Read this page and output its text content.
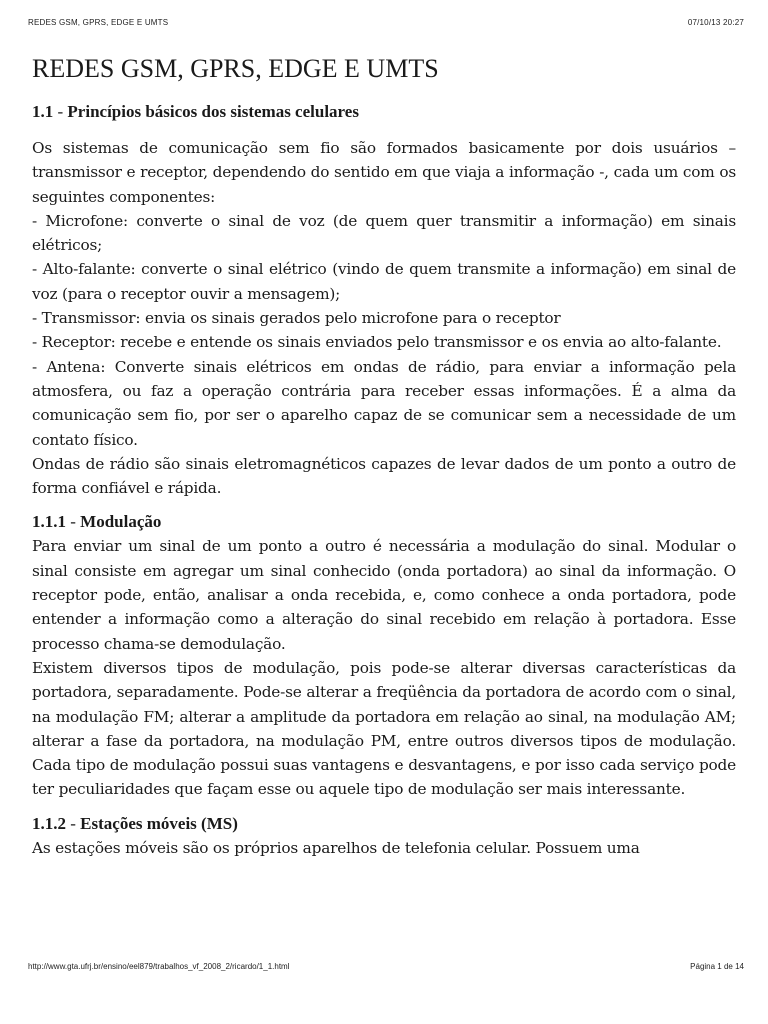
REDES GSM, GPRS, EDGE E UMTS	07/10/13 20:27
REDES GSM, GPRS, EDGE E UMTS
1.1 - Princípios básicos dos sistemas celulares

Os sistemas de comunicação sem fio são formados basicamente por dois usuários – transmissor e receptor, dependendo do sentido em que viaja a informação -, cada um com os seguintes componentes:

- Microfone: converte o sinal de voz (de quem quer transmitir a informação) em sinais elétricos;

- Alto-falante: converte o sinal elétrico (vindo de quem transmite a informação) em sinal de voz (para o receptor ouvir a mensagem);

- Transmissor: envia os sinais gerados pelo microfone para o receptor

- Receptor: recebe e entende os sinais enviados pelo transmissor e os envia ao alto-falante.

- Antena: Converte sinais elétricos em ondas de rádio, para enviar a informação pela atmosfera, ou faz a operação contrária para receber essas informações. É a alma da comunicação sem fio, por ser o aparelho capaz de se comunicar sem a necessidade de um contato físico.

Ondas de rádio são sinais eletromagnéticos capazes de levar dados de um ponto a outro de forma confiável e rápida.

1.1.1 - Modulação

Para enviar um sinal de um ponto a outro é necessária a modulação do sinal. Modular o sinal consiste em agregar um sinal conhecido (onda portadora) ao sinal da informação. O receptor pode, então, analisar a onda recebida, e, como conhece a onda portadora, pode entender a informação como a alteração do sinal recebido em relação à portadora. Esse processo chama-se demodulação.

Existem diversos tipos de modulação, pois pode-se alterar diversas características da portadora, separadamente. Pode-se alterar a freqüência da portadora de acordo com o sinal, na modulação FM; alterar a amplitude da portadora em relação ao sinal, na modulação AM; alterar a fase da portadora, na modulação PM, entre outros diversos tipos de modulação. Cada tipo de modulação possui suas vantagens e desvantagens, e por isso cada serviço pode ter peculiaridades que façam esse ou aquele tipo de modulação ser mais interessante.

1.1.2 - Estações móveis (MS)

As estações móveis são os próprios aparelhos de telefonia celular. Possuem uma

http://www.gta.ufrj.br/ensino/eel879/trabalhos_vf_2008_2/ricardo/1_1.html	Página 1 de 14
